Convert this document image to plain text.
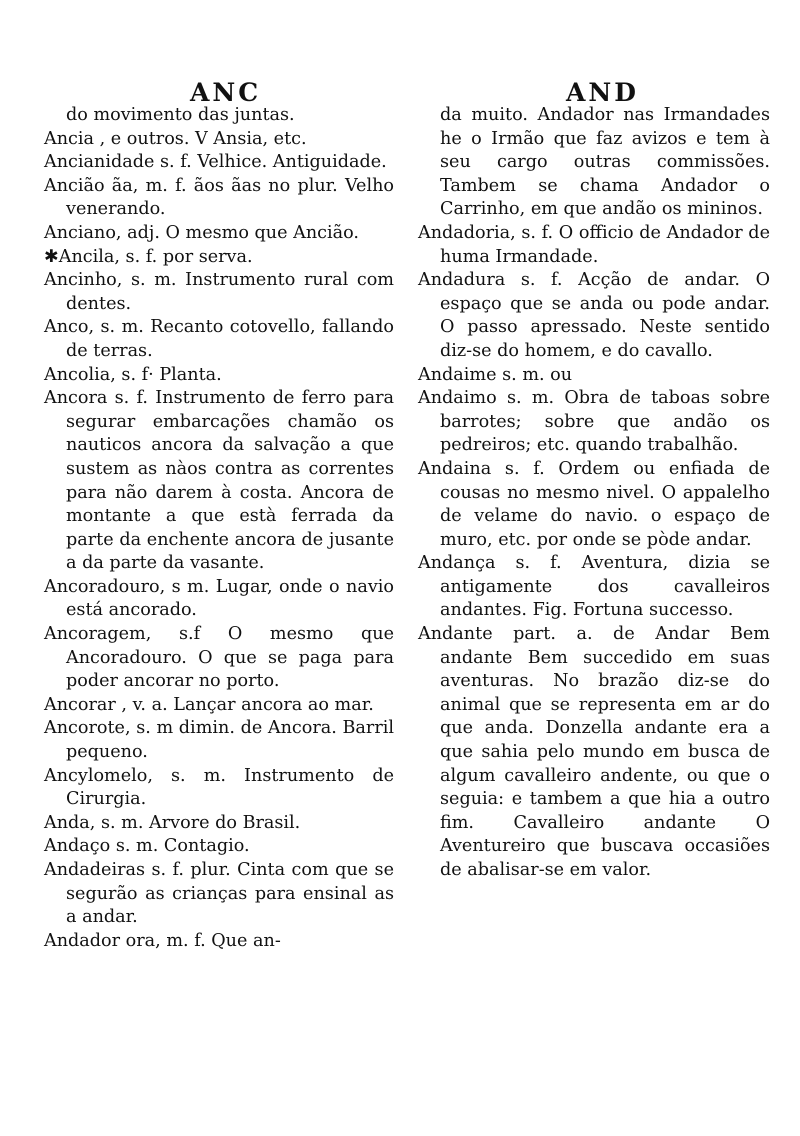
ANC	AND

do movimento das juntas.

Ancia , e outros. V Ansia, etc.

Ancianidade s. f. Velhice. Antiguidade.

Ancião ãa, m. f. ãos ãas no plur. Velho venerando.

Anciano, adj. O mesmo que Ancião.

✱Ancila, s. f. por serva.

Ancinho, s. m. Instrumento rural com dentes.

Anco, s. m. Recanto cotovello, fallando de terras.

Ancolia, s. f· Planta.

Ancora s. f. Instrumento de ferro para segurar embarcações chamão os nauticos ancora da salvação a que sustem as nàos contra as correntes para não darem à costa. Ancora de montante a que està ferrada da parte da enchente ancora de jusante a da parte da vasante.

Ancoradouro, s m. Lugar, onde o navio está ancorado.

Ancoragem, s.f O mesmo que Ancoradouro. O que se paga para poder ancorar no porto.

Ancorar , v. a. Lançar ancora ao mar.

Ancorote, s. m dimin. de Ancora. Barril pequeno.

Ancylomelo, s. m. Instrumento de Cirurgia.

Anda, s. m. Arvore do Brasil.

Andaço s. m. Contagio.

Andadeiras s. f. plur. Cinta com que se segurão as crianças para ensinal as a andar.

Andador ora, m. f. Que an-

da muito. Andador nas Irmandades he o Irmão que faz avizos e tem à seu cargo outras commissões. Tambem se chama Andador o Carrinho, em que andão os mininos.

Andadoria, s. f. O officio de Andador de huma Irmandade.

Andadura s. f. Acção de andar. O espaço que se anda ou pode andar. O passo apressado. Neste sentido diz-se do homem, e do cavallo.

Andaime s. m. ou

Andaimo s. m. Obra de taboas sobre barrotes; sobre que andão os pedreiros; etc. quando trabalhão.

Andaina s. f. Ordem ou enfiada de cousas no mesmo nivel. O appalelho de velame do navio. o espaço de muro, etc. por onde se pòde andar.

Andança s. f. Aventura, dizia se antigamente dos cavalleiros andantes. Fig. Fortuna successo.

Andante part. a. de Andar Bem andante Bem succedido em suas aventuras. No brazão diz-se do animal que se representa em ar do que anda. Donzella andante era a que sahia pelo mundo em busca de algum cavalleiro andente, ou que o seguia: e tambem a que hia a outro fim. Cavalleiro andante O Aventureiro que buscava occasiões de abalisar-se em valor.
